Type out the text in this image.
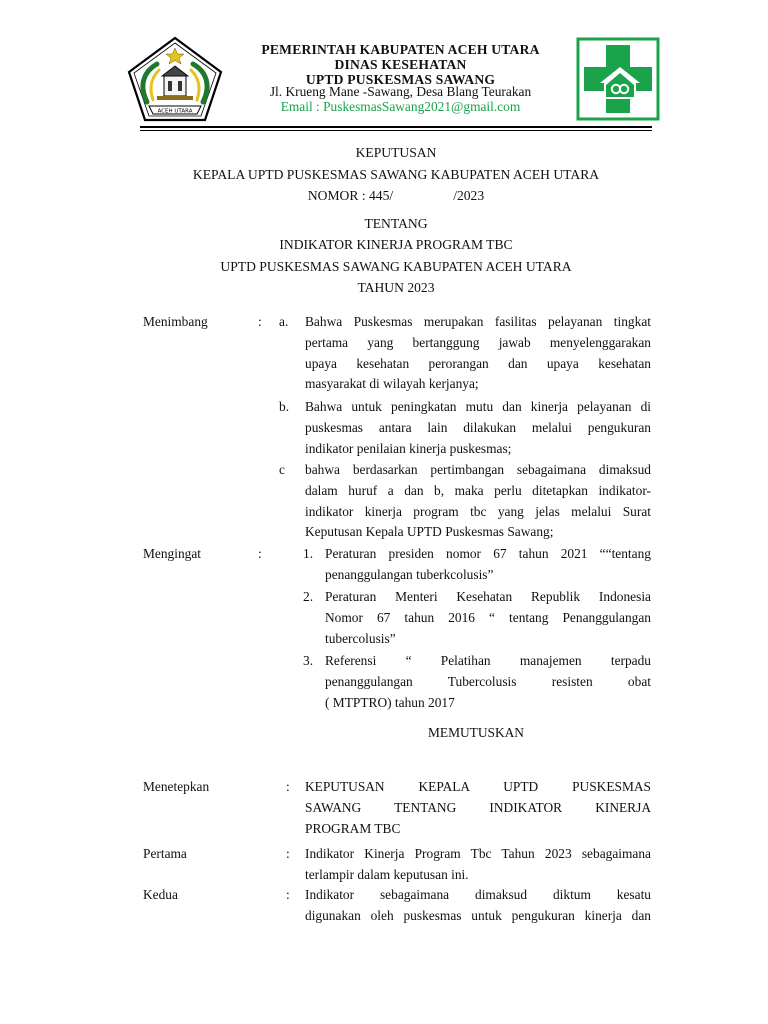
ACEH UTARA
PEMERINTAH KABUPATEN ACEH UTARA
DINAS KESEHATAN
UPTD PUSKESMAS SAWANG
Jl. Krueng Mane -Sawang, Desa Blang Teurakan
Email : PuskesmasSawang2021@gmail.com
KEPUTUSAN
KEPALA UPTD PUSKESMAS SAWANG KABUPATEN ACEH UTARA
NOMOR : 445/	/2023
TENTANG
INDIKATOR KINERJA PROGRAM TBC
UPTD PUSKESMAS SAWANG KABUPATEN ACEH UTARA
TAHUN 2023
Menimbang	: a. Bahwa Puskesmas merupakan fasilitas pelayanan tingkat
pertama yang bertanggung jawab menyelenggarakan
upaya kesehatan perorangan dan upaya kesehatan
masyarakat di wilayah kerjanya;
b. Bahwa untuk peningkatan mutu dan kinerja pelayanan di
puskesmas antara lain dilakukan melalui pengukuran
indikator penilaian kinerja puskesmas;
c bahwa berdasarkan pertimbangan sebagaimana dimaksud
dalam huruf a dan b, maka perlu ditetapkan indikator-
indikator kinerja program tbc yang jelas melalui Surat
Keputusan Kepala UPTD Puskesmas Sawang;
Mengingat	:	1. Peraturan presiden nomor 67 tahun 2021 ““tentang
penanggulangan tuberkcolusis”
2. Peraturan Menteri Kesehatan Republik Indonesia
Nomor 67 tahun 2016 “ tentang Penanggulangan
tubercolusis”
3. Referensi “ Pelatihan manajemen terpadu
penanggulangan Tubercolusis resisten obat
( MTPTRO) tahun 2017
MEMUTUSKAN
Menetepkan	: KEPUTUSAN KEPALA UPTD PUSKESMAS
SAWANG TENTANG INDIKATOR KINERJA
PROGRAM TBC
Pertama	: Indikator Kinerja Program Tbc Tahun 2023 sebagaimana
terlampir dalam keputusan ini.
Kedua	: Indikator sebagaimana dimaksud diktum kesatu
digunakan oleh puskesmas untuk pengukuran kinerja dan
